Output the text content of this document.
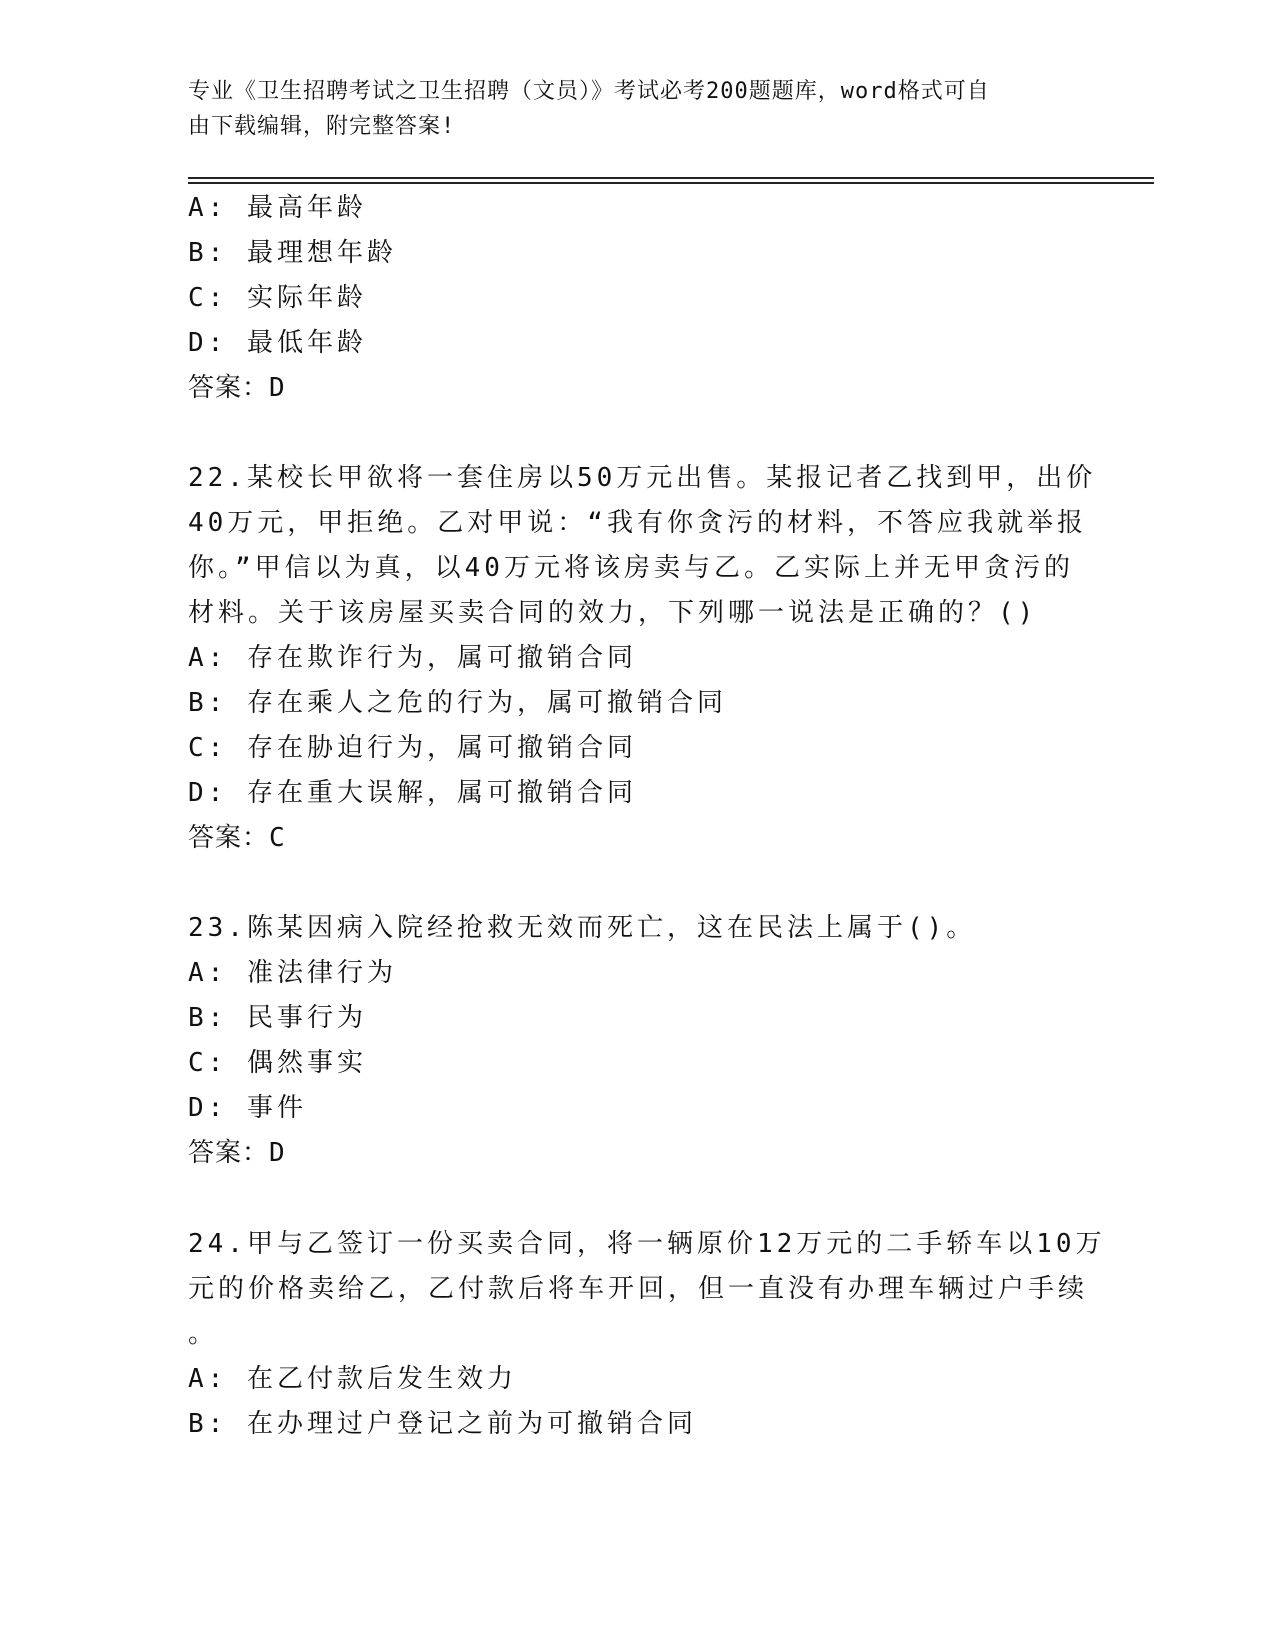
专业《卫生招聘考试之卫生招聘（文员）》考试必考200题题库，word格式可自
由下载编辑，附完整答案!
A: 最高年龄
B: 最理想年龄
C: 实际年龄
D: 最低年龄
答案：D
22.某校长甲欲将一套住房以50万元出售。某报记者乙找到甲，出价
40万元，甲拒绝。乙对甲说：“我有你贪污的材料，不答应我就举报
你。”甲信以为真，以40万元将该房卖与乙。乙实际上并无甲贪污的
材料。关于该房屋买卖合同的效力，下列哪一说法是正确的？()
A: 存在欺诈行为，属可撤销合同
B: 存在乘人之危的行为，属可撤销合同
C: 存在胁迫行为，属可撤销合同
D: 存在重大误解，属可撤销合同
答案：C
23.陈某因病入院经抢救无效而死亡，这在民法上属于()。
A: 准法律行为
B: 民事行为
C: 偶然事实
D: 事件
答案：D
24.甲与乙签订一份买卖合同，将一辆原价12万元的二手轿车以10万
元的价格卖给乙，乙付款后将车开回，但一直没有办理车辆过户手续
。
A: 在乙付款后发生效力
B: 在办理过户登记之前为可撤销合同
